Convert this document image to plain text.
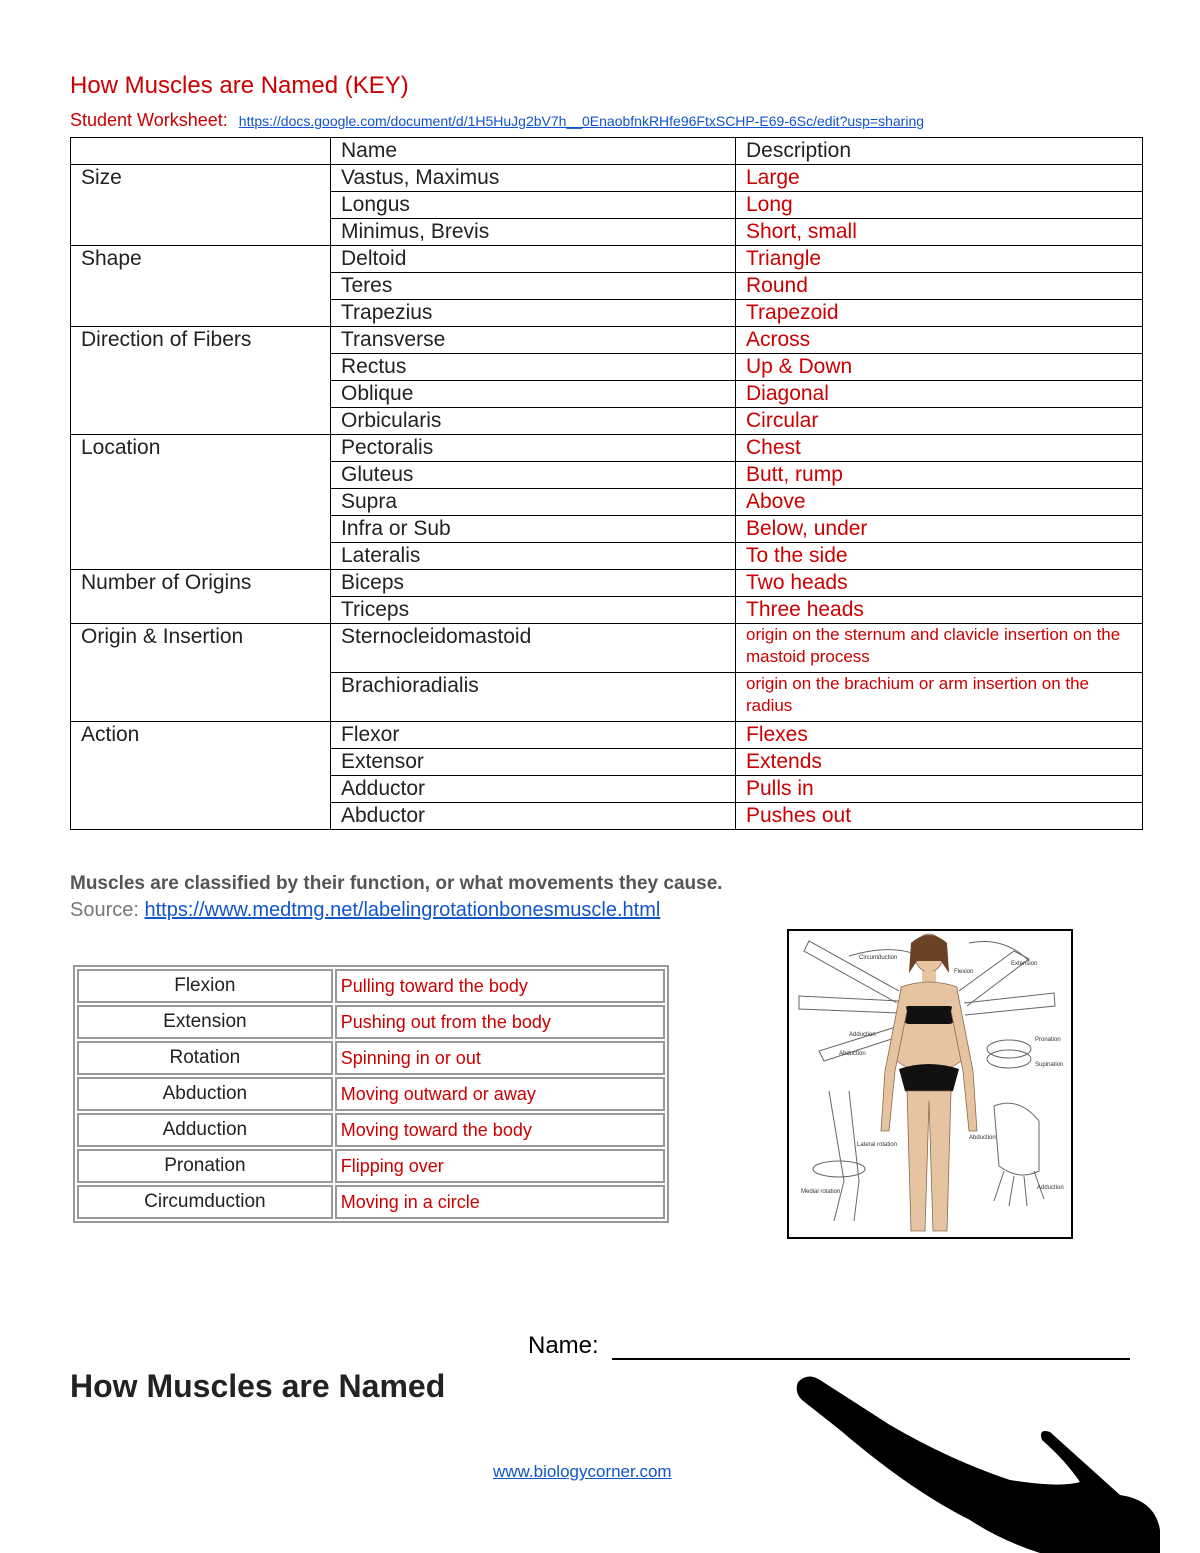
How Muscles are Named (KEY)
Student Worksheet: https://docs.google.com/document/d/1H5HuJg2bV7h__0EnaobfnkRHfe96FtxSCHP-E69-6Sc/edit?usp=sharing
	Name	Description
Size	Vastus, Maximus	Large
	Longus	Long
	Minimus, Brevis	Short, small
Shape	Deltoid	Triangle
	Teres	Round
	Trapezius	Trapezoid
Direction of Fibers	Transverse	Across
	Rectus	Up & Down
	Oblique	Diagonal
	Orbicularis	Circular
Location	Pectoralis	Chest
	Gluteus	Butt, rump
	Supra	Above
	Infra or Sub	Below, under
	Lateralis	To the side
Number of Origins	Biceps	Two heads
	Triceps	Three heads
Origin & Insertion	Sternocleidomastoid	origin on the sternum and clavicle insertion on the mastoid process
	Brachioradialis	origin on the brachium or arm insertion on the radius
Action	Flexor	Flexes
	Extensor	Extends
	Adductor	Pulls in
	Abductor	Pushes out
Muscles are classified by their function, or what movements they cause.
Source: https://www.medtmg.net/labelingrotationbonesmuscle.html
Flexion	Pulling toward the body
Extension	Pushing out from the body
Rotation	Spinning in or out
Abduction	Moving outward or away
Adduction	Moving toward the body
Pronation	Flipping over
Circumduction	Moving in a circle
Circumduction
Flexion
Extension
Adduction
Abduction
Pronation
Supination
Lateral rotation
Medial rotation
Abduction
Adduction
Name:
How Muscles are Named
www.biologycorner.com
